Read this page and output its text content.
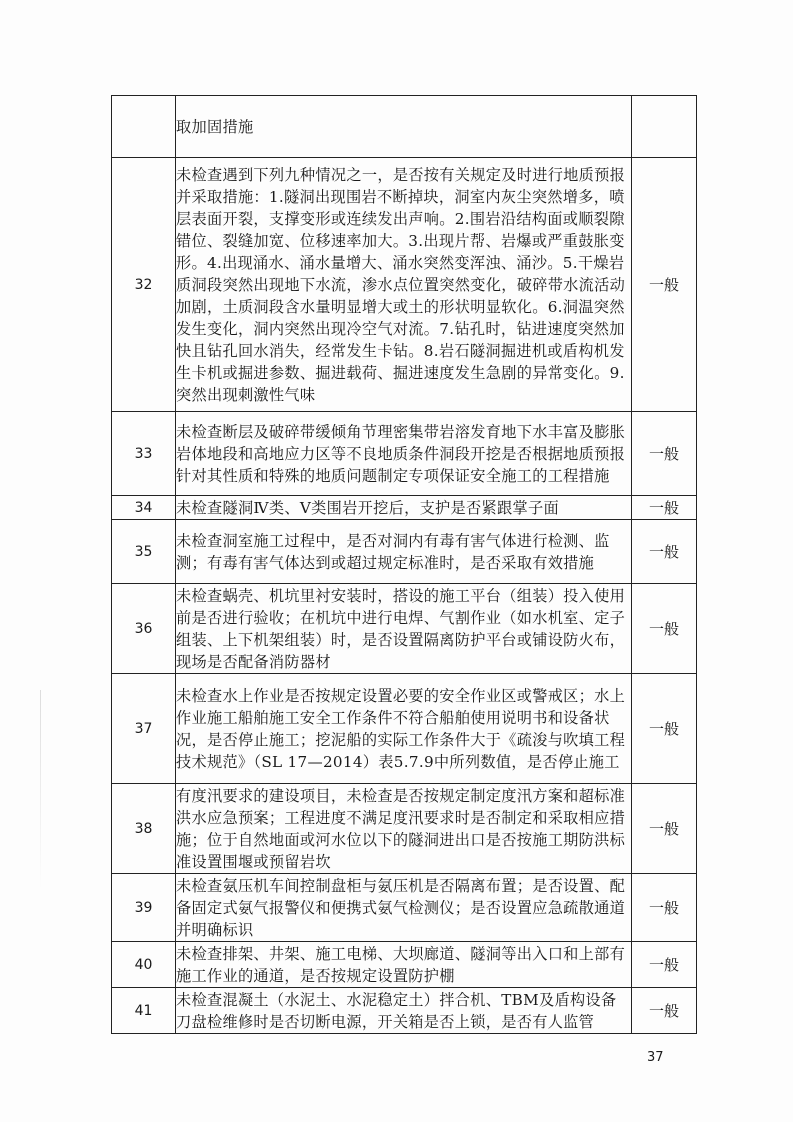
	取加固措施	

32	未检查遇到下列九种情况之一，是否按有关规定及时进行地质预报并采取措施：1.隧洞出现围岩不断掉块，洞室内灰尘突然增多，喷层表面开裂，支撑变形或连续发出声响。2.围岩沿结构面或顺裂隙错位、裂缝加宽、位移速率加大。3.出现片帮、岩爆或严重鼓胀变形。4.出现涌水、涌水量增大、涌水突然变浑浊、涌沙。5.干燥岩质洞段突然出现地下水流，渗水点位置突然变化，破碎带水流活动加剧，土质洞段含水量明显增大或土的形状明显软化。6.洞温突然发生变化，洞内突然出现冷空气对流。7.钻孔时，钻进速度突然加快且钻孔回水消失，经常发生卡钻。8.岩石隧洞掘进机或盾构机发生卡机或掘进参数、掘进载荷、掘进速度发生急剧的异常变化。9.突然出现刺激性气味	一般
33	未检查断层及破碎带缓倾角节理密集带岩溶发育地下水丰富及膨胀岩体地段和高地应力区等不良地质条件洞段开挖是否根据地质预报针对其性质和特殊的地质问题制定专项保证安全施工的工程措施	一般
34	未检查隧洞Ⅳ类、Ⅴ类围岩开挖后，支护是否紧跟掌子面	一般
35	未检查洞室施工过程中，是否对洞内有毒有害气体进行检测、监测；有毒有害气体达到或超过规定标准时，是否采取有效措施	一般
36	未检查蜗壳、机坑里衬安装时，搭设的施工平台（组装）投入使用前是否进行验收；在机坑中进行电焊、气割作业（如水机室、定子组装、上下机架组装）时，是否设置隔离防护平台或铺设防火布，现场是否配备消防器材	一般
37	未检查水上作业是否按规定设置必要的安全作业区或警戒区；水上作业施工船舶施工安全工作条件不符合船舶使用说明书和设备状况，是否停止施工；挖泥船的实际工作条件大于《疏浚与吹填工程技术规范》（SL 17—2014）表5.7.9中所列数值，是否停止施工	一般
38	有度汛要求的建设项目，未检查是否按规定制定度汛方案和超标准洪水应急预案；工程进度不满足度汛要求时是否制定和采取相应措施；位于自然地面或河水位以下的隧洞进出口是否按施工期防洪标准设置围堰或预留岩坎	一般
39	未检查氨压机车间控制盘柜与氨压机是否隔离布置；是否设置、配备固定式氨气报警仪和便携式氨气检测仪；是否设置应急疏散通道并明确标识	一般
40	未检查排架、井架、施工电梯、大坝廊道、隧洞等出入口和上部有施工作业的通道，是否按规定设置防护棚	一般
41	未检查混凝土（水泥土、水泥稳定土）拌合机、TBM及盾构设备刀盘检维修时是否切断电源，开关箱是否上锁，是否有人监管	一般
37
